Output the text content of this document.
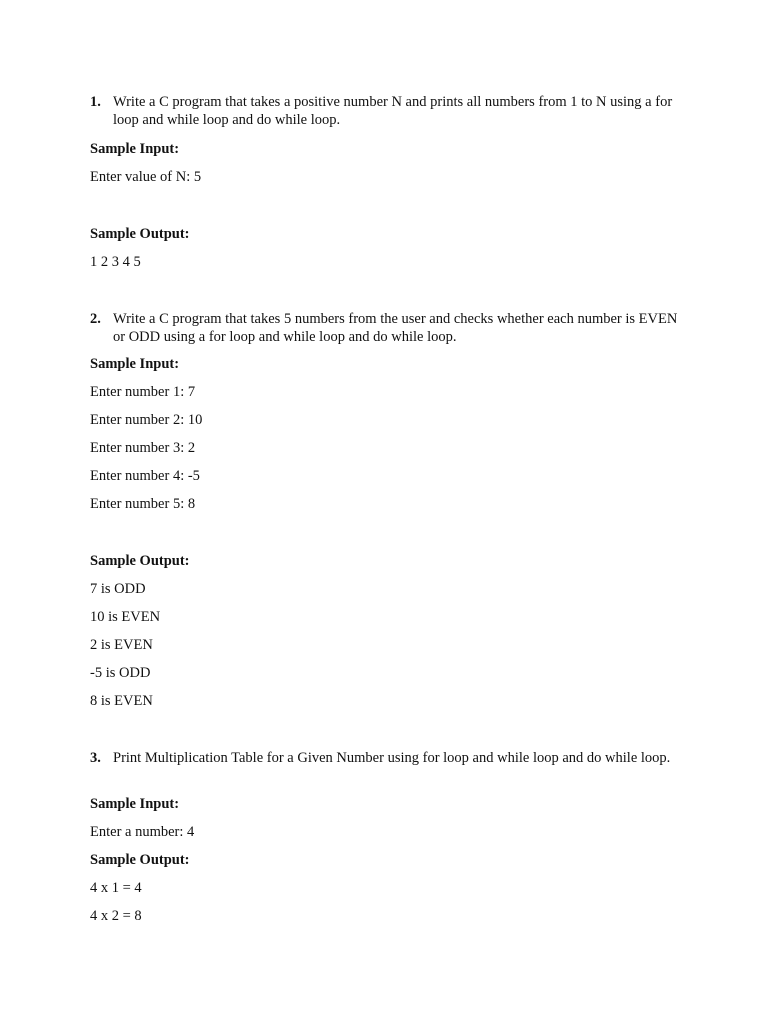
1. Write a C program that takes a positive number N and prints all numbers from 1 to N using a for loop and while loop and do while loop.
Sample Input:
Enter value of N: 5
Sample Output:
1 2 3 4 5
2. Write a C program that takes 5 numbers from the user and checks whether each number is EVEN or ODD using a for loop and while loop and do while loop.
Sample Input:
Enter number 1: 7
Enter number 2: 10
Enter number 3: 2
Enter number 4: -5
Enter number 5: 8
Sample Output:
7 is ODD
10 is EVEN
2 is EVEN
-5 is ODD
8 is EVEN
3. Print Multiplication Table for a Given Number using for loop and while loop and do while loop.
Sample Input:
Enter a number: 4
Sample Output:
4 x 1 = 4
4 x 2 = 8
